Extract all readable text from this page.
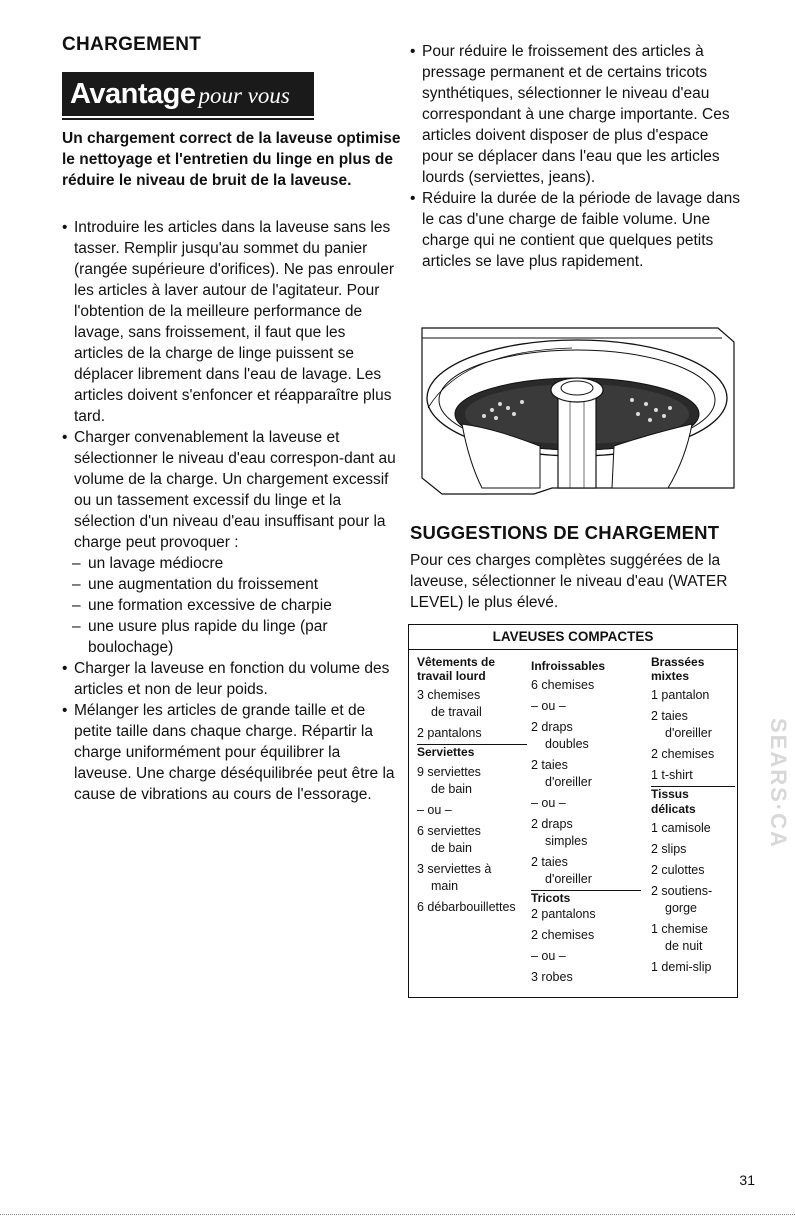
CHARGEMENT
Avantage pour vous
Un chargement correct de la laveuse optimise le nettoyage et l'entretien du linge en plus de réduire le niveau de bruit de la laveuse.
• Introduire les articles dans la laveuse sans les tasser. Remplir jusqu'au sommet du panier (rangée supérieure d'orifices). Ne pas enrouler les articles à laver autour de l'agitateur. Pour l'obtention de la meilleure performance de lavage, sans froissement, il faut que les articles de la charge de linge puissent se déplacer librement dans l'eau de lavage. Les articles doivent s'enfoncer et réapparaître plus tard.
• Charger convenablement la laveuse et sélectionner le niveau d'eau correspon-dant au volume de la charge. Un chargement excessif ou un tassement excessif du linge et la sélection d'un niveau d'eau insuffisant pour la charge peut provoquer :
– un lavage médiocre
– une augmentation du froissement
– une formation excessive de charpie
– une usure plus rapide du linge (par boulochage)
• Charger la laveuse en fonction du volume des articles et non de leur poids.
• Mélanger les articles de grande taille et de petite taille dans chaque charge. Répartir la charge uniformément pour équilibrer la laveuse. Une charge déséquilibrée peut être la cause de vibrations au cours de l'essorage.
• Pour réduire le froissement des articles à pressage permanent et de certains tricots synthétiques, sélectionner le niveau d'eau correspondant à une charge importante. Ces articles doivent disposer de plus d'espace pour se déplacer dans l'eau que les articles lourds (serviettes, jeans).
• Réduire la durée de la période de lavage dans le cas d'une charge de faible volume. Une charge qui ne contient que quelques petits articles se lave plus rapidement.
SUGGESTIONS DE CHARGEMENT
Pour ces charges complètes suggérées de la laveuse, sélectionner le niveau d'eau (WATER LEVEL) le plus élevé.
LAVEUSES COMPACTES

Vêtements de

travail lourd

3 chemises

de travail

2 pantalons

Serviettes

9 serviettes

de bain

– ou –

6 serviettes

de bain

3 serviettes à

main

6 débarbouillettes

Infroissables

6 chemises

– ou –

2 draps

doubles

2 taies

d'oreiller

– ou –

2 draps

simples

2 taies

d'oreiller

Tricots

2 pantalons

2 chemises

– ou –

3 robes

Brassées

mixtes

1 pantalon

2 taies

d'oreiller

2 chemises

1 t-shirt

Tissus

délicats

1 camisole

2 slips

2 culottes

2 soutiens-

gorge

1 chemise

de nuit

1 demi-slip

SEARS·CA
31
